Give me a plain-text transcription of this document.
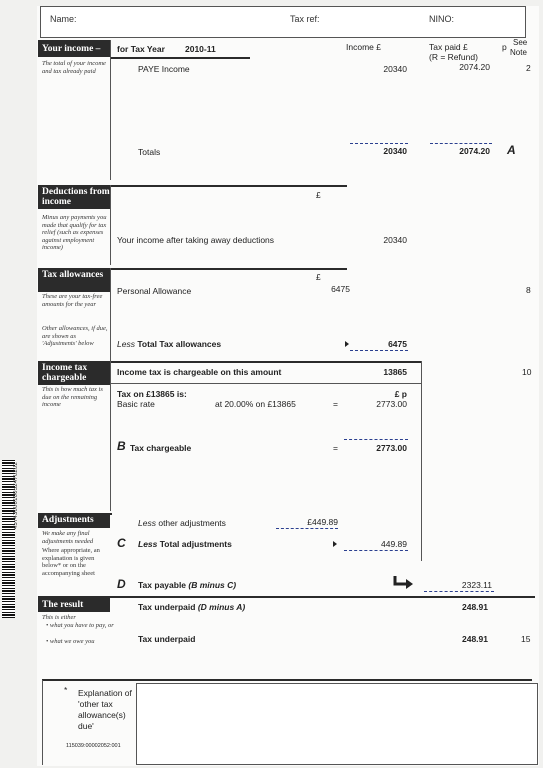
4574300010052470202
Name:	Tax ref:	NINO:
Income £	Tax paid £
(R = Refund)
p See
Note
Your income –	for Tax Year 2010-11
The total of your income and tax already paid	PAYE Income	20340	2074.20	2
Totals	20340	2074.20 A
Deductions from income
£
Minus any payments you made that qualify for tax relief (such as expenses against employment income)
Your income after taking away deductions	20340
Tax allowances	£
These are your tax-free amounts for the year
Other allowances, if due, are shown as 'Adjustments' below
Personal Allowance	6475	8
Less Total Tax allowances	6475
Income tax chargeable
This is how much tax is due on the remaining income
Income tax is chargeable on this amount	13865	10
Tax on £13865 is:	£ p
Basic rate	at 20.00% on £13865	=	2773.00
B Tax chargeable	=	2773.00
Adjustments
We make any final adjustments needed
Where appropriate, an explanation is given below* or on the accompanying sheet
Less other adjustments	£449.89
C Less Total adjustments	449.89
D Tax payable (B minus C)	2323.11
The result
This is either
• what you have to pay, or
• what we owe you
Tax underpaid (D minus A)	248.91
Tax underpaid	248.91	15
* Explanation of 'other tax allowance(s) due'
115039:00002052:001
